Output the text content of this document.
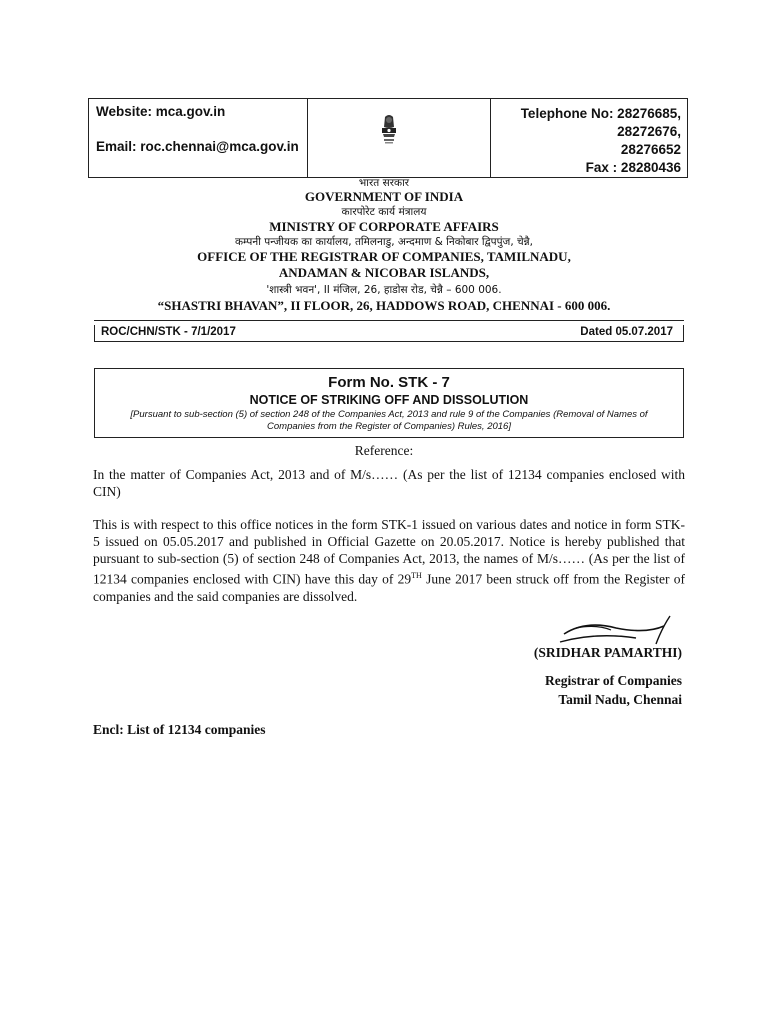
Website: mca.gov.in
Email: roc.chennai@mca.gov.in
Telephone No: 28276685,
28272676,
28276652
Fax : 28280436
भारत सरकार
GOVERNMENT OF INDIA
कारपोरेट कार्य मंत्रालय
MINISTRY OF CORPORATE AFFAIRS
कम्पनी पन्जीयक का कार्यालय, तमिलनाडु, अन्दमाण & निकोबार द्विपपुंज, चेन्नै,
OFFICE OF THE REGISTRAR OF COMPANIES, TAMILNADU,
ANDAMAN & NICOBAR ISLANDS,
'शास्त्री भवन', II मंजिल, 26, हाडोस रोड, चेन्नै – 600 006.
“SHASTRI BHAVAN”, II FLOOR, 26, HADDOWS ROAD, CHENNAI - 600 006.
ROC/CHN/STK - 7/1/2017	Dated 05.07.2017
Form No. STK - 7
NOTICE OF STRIKING OFF AND DISSOLUTION
[Pursuant to sub-section (5) of section 248 of the Companies Act, 2013 and rule 9 of the Companies (Removal of Names of
Companies from the Register of Companies) Rules, 2016]
Reference:
In the matter of Companies Act, 2013 and of M/s…… (As per the list of 12134 companies enclosed with CIN)
This is with respect to this office notices in the form STK-1 issued on various dates and notice in form STK-5 issued on 05.05.2017 and published in Official Gazette on 20.05.2017. Notice is hereby published that pursuant to sub-section (5) of section 248 of Companies Act, 2013, the names of M/s…… (As per the list of 12134 companies enclosed with CIN) have this day of 29TH June 2017 been struck off from the Register of companies and the said companies are dissolved.
(SRIDHAR PAMARTHI)
Registrar of Companies
Tamil Nadu, Chennai
Encl: List of 12134 companies
